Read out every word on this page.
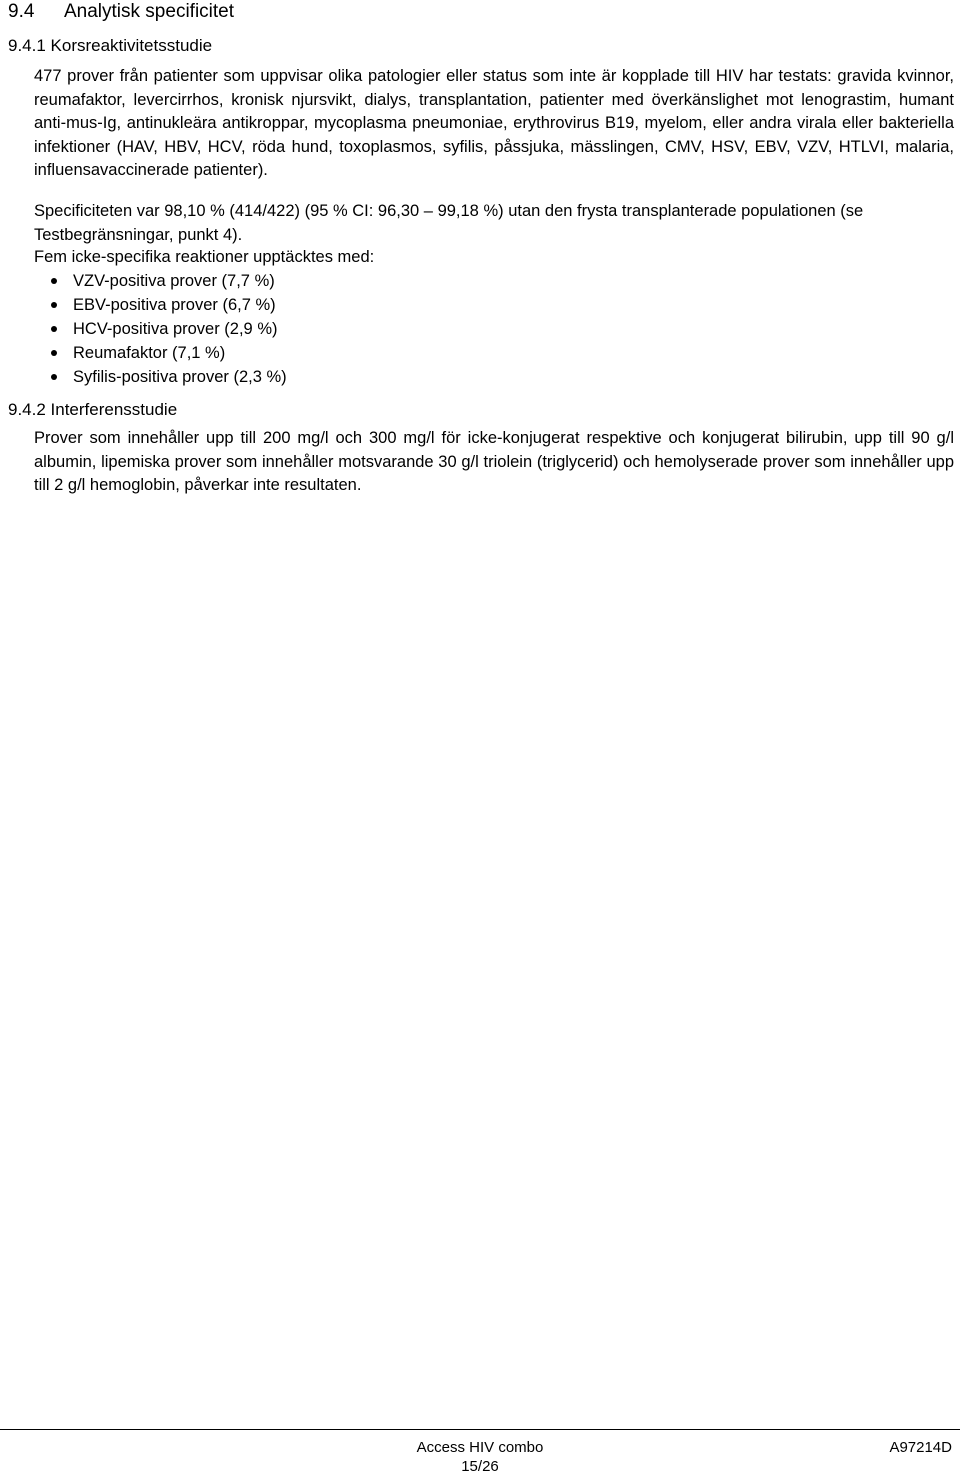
9.4 Analytisk specificitet
9.4.1 Korsreaktivitetsstudie
477 prover från patienter som uppvisar olika patologier eller status som inte är kopplade till HIV har testats: gravida kvinnor, reumafaktor, levercirrhos, kronisk njursvikt, dialys, transplantation, patienter med överkänslighet mot lenograstim, humant anti-mus-Ig, antinukleära antikroppar, mycoplasma pneumoniae, erythrovirus B19, myelom, eller andra virala eller bakteriella infektioner (HAV, HBV, HCV, röda hund, toxoplasmos, syfilis, påssjuka, mässlingen, CMV, HSV, EBV, VZV, HTLVI, malaria, influensavaccinerade patienter).
Specificiteten var 98,10 % (414/422) (95 % CI: 96,30 – 99,18 %) utan den frysta transplanterade populationen (se Testbegränsningar, punkt 4).
Fem icke-specifika reaktioner upptäcktes med:
VZV-positiva prover (7,7 %)
EBV-positiva prover (6,7 %)
HCV-positiva prover (2,9 %)
Reumafaktor (7,1 %)
Syfilis-positiva prover (2,3 %)
9.4.2 Interferensstudie
Prover som innehåller upp till 200 mg/l och 300 mg/l för icke-konjugerat respektive och konjugerat bilirubin, upp till 90 g/l albumin, lipemiska prover som innehåller motsvarande 30 g/l triolein (triglycerid) och hemolyserade prover som innehåller upp till 2 g/l hemoglobin, påverkar inte resultaten.
Access HIV combo
15/26
A97214D
